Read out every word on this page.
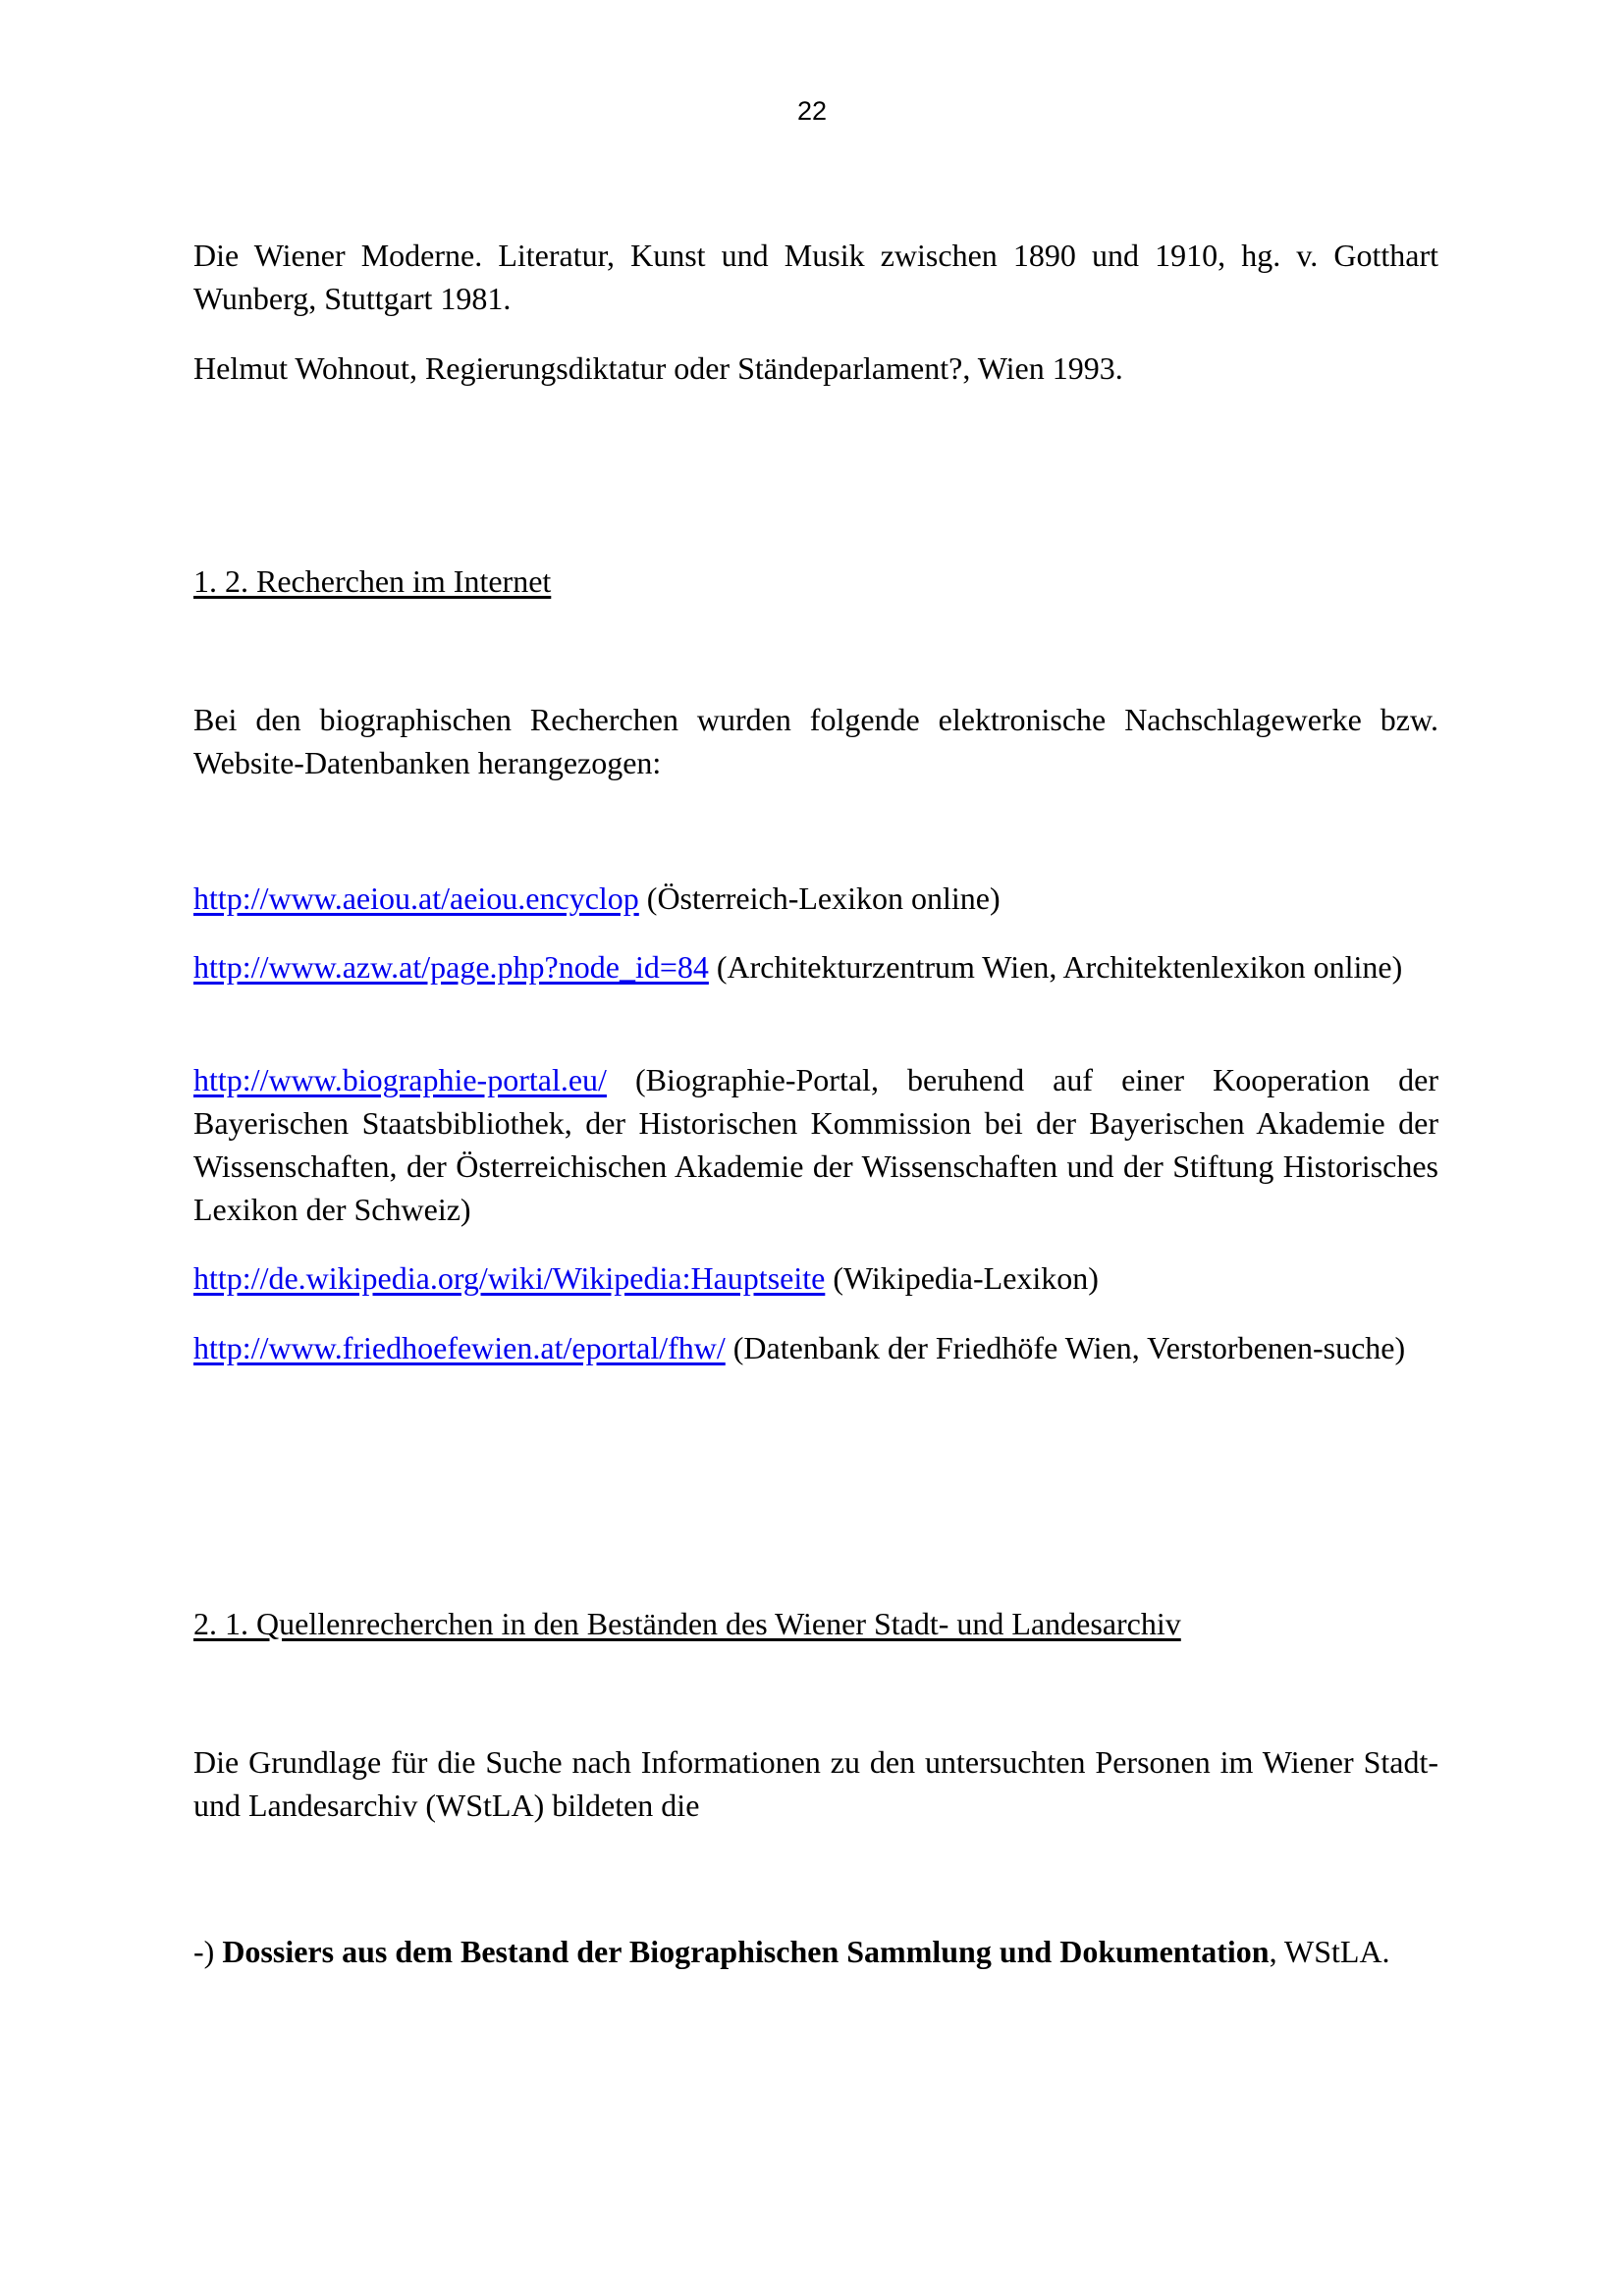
22
Die Wiener Moderne. Literatur, Kunst und Musik zwischen 1890 und 1910, hg. v. Gotthart Wunberg, Stuttgart 1981.
Helmut Wohnout, Regierungsdiktatur oder Ständeparlament?, Wien 1993.
1. 2. Recherchen im Internet
Bei den biographischen Recherchen wurden folgende elektronische Nachschlagewerke bzw. Website-Datenbanken herangezogen:
http://www.aeiou.at/aeiou.encyclop (Österreich-Lexikon online)
http://www.azw.at/page.php?node_id=84 (Architekturzentrum Wien, Architektenlexikon online)
http://www.biographie-portal.eu/ (Biographie-Portal, beruhend auf einer Kooperation der Bayerischen Staatsbibliothek, der Historischen Kommission bei der Bayerischen Akademie der Wissenschaften, der Österreichischen Akademie der Wissenschaften und der Stiftung Historisches Lexikon der Schweiz)
http://de.wikipedia.org/wiki/Wikipedia:Hauptseite (Wikipedia-Lexikon)
http://www.friedhoefewien.at/eportal/fhw/ (Datenbank der Friedhöfe Wien, Verstorbenen-suche)
2. 1. Quellenrecherchen in den Beständen des Wiener Stadt- und Landesarchiv
Die Grundlage für die Suche nach Informationen zu den untersuchten Personen im Wiener Stadt- und Landesarchiv (WStLA) bildeten die
-) Dossiers aus dem Bestand der Biographischen Sammlung und Dokumentation, WStLA.
